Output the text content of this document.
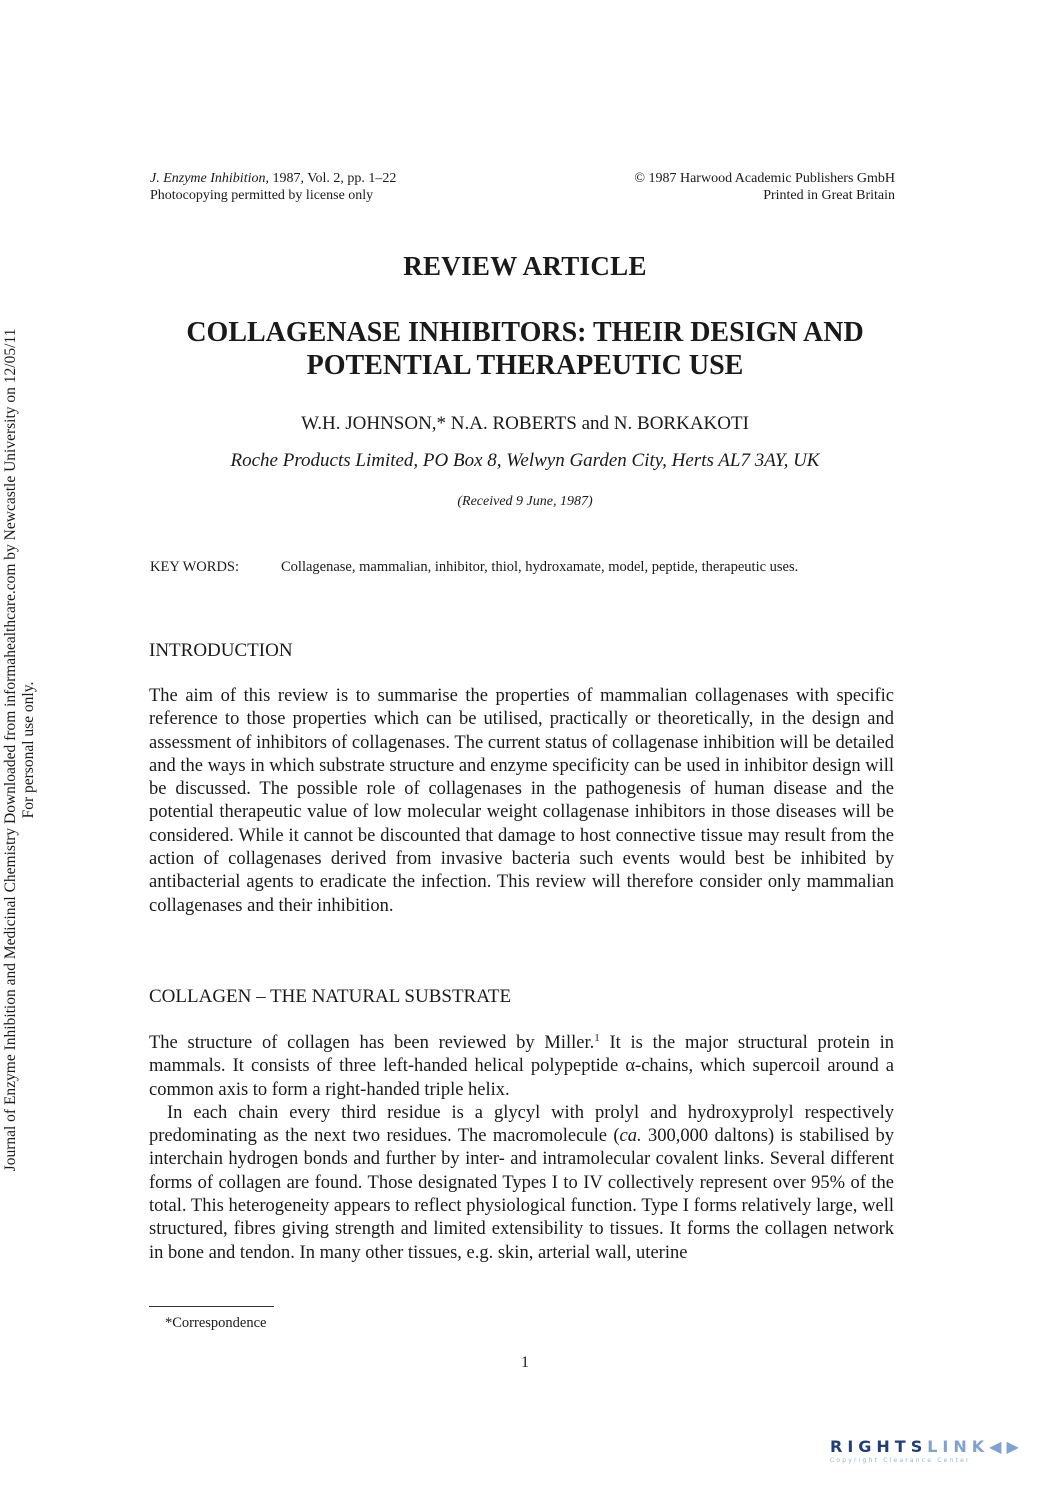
Journal of Enzyme Inhibition and Medicinal Chemistry Downloaded from informahealthcare.com by Newcastle University on 12/05/11 For personal use only.
J. Enzyme Inhibition, 1987, Vol. 2, pp. 1–22
Photocopying permitted by license only
© 1987 Harwood Academic Publishers GmbH
Printed in Great Britain
REVIEW ARTICLE
COLLAGENASE INHIBITORS: THEIR DESIGN AND
POTENTIAL THERAPEUTIC USE
W.H. JOHNSON,* N.A. ROBERTS and N. BORKAKOTI
Roche Products Limited, PO Box 8, Welwyn Garden City, Herts AL7 3AY, UK
(Received 9 June, 1987)
KEY WORDS:	Collagenase, mammalian, inhibitor, thiol, hydroxamate, model, peptide, therapeutic uses.
INTRODUCTION

The aim of this review is to summarise the properties of mammalian collagenases with specific reference to those properties which can be utilised, practically or theoretically, in the design and assessment of inhibitors of collagenases. The current status of collagenase inhibition will be detailed and the ways in which substrate structure and enzyme specificity can be used in inhibitor design will be discussed. The possible role of collagenases in the pathogenesis of human disease and the potential therapeutic value of low molecular weight collagenase inhibitors in those diseases will be considered. While it cannot be discounted that damage to host connective tissue may result from the action of collagenases derived from invasive bacteria such events would best be inhibited by antibacterial agents to eradicate the infection. This review will therefore consider only mammalian collagenases and their inhibition.

COLLAGEN – THE NATURAL SUBSTRATE
The structure of collagen has been reviewed by Miller.$^1$ It is the major structural protein in mammals. It consists of three left-handed helical polypeptide α-chains, which supercoil around a common axis to form a right-handed triple helix.
In each chain every third residue is a glycyl with prolyl and hydroxyprolyl respectively predominating as the next two residues. The macromolecule (ca. 300,000 daltons) is stabilised by interchain hydrogen bonds and further by inter- and intramolecular covalent links. Several different forms of collagen are found. Those designated Types I to IV collectively represent over 95% of the total. This heterogeneity appears to reflect physiological function. Type I forms relatively large, well structured, fibres giving strength and limited extensibility to tissues. It forms the collagen network in bone and tendon. In many other tissues, e.g. skin, arterial wall, uterine
*Correspondence
1
RIGHTSLINK◀▶
Copyright Clearance Center
